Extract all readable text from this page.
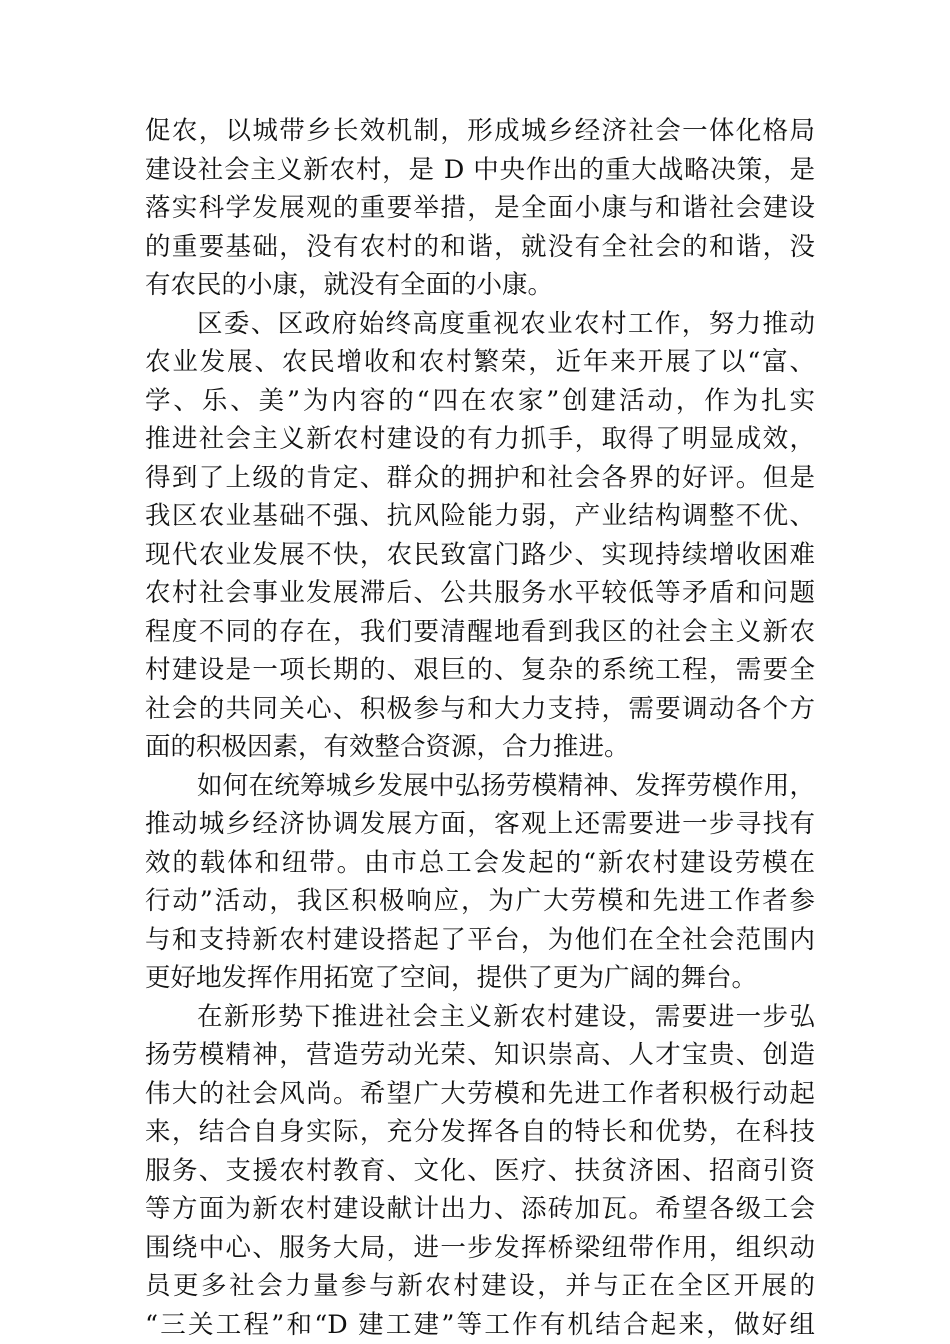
促农，以城带乡长效机制，形成城乡经济社会一体化格局
建设社会主义新农村，是 D 中央作出的重大战略决策，是
落实科学发展观的重要举措，是全面小康与和谐社会建设
的重要基础，没有农村的和谐，就没有全社会的和谐，没
有农民的小康，就没有全面的小康。
区委、区政府始终高度重视农业农村工作，努力推动
农业发展、农民增收和农村繁荣，近年来开展了以“富、
学、乐、美”为内容的“四在农家”创建活动，作为扎实
推进社会主义新农村建设的有力抓手，取得了明显成效，
得到了上级的肯定、群众的拥护和社会各界的好评。但是
我区农业基础不强、抗风险能力弱，产业结构调整不优、
现代农业发展不快，农民致富门路少、实现持续增收困难
农村社会事业发展滞后、公共服务水平较低等矛盾和问题
程度不同的存在，我们要清醒地看到我区的社会主义新农
村建设是一项长期的、艰巨的、复杂的系统工程，需要全
社会的共同关心、积极参与和大力支持，需要调动各个方
面的积极因素，有效整合资源，合力推进。
如何在统筹城乡发展中弘扬劳模精神、发挥劳模作用，
推动城乡经济协调发展方面，客观上还需要进一步寻找有
效的载体和纽带。由市总工会发起的“新农村建设劳模在
行动”活动，我区积极响应，为广大劳模和先进工作者参
与和支持新农村建设搭起了平台，为他们在全社会范围内
更好地发挥作用拓宽了空间，提供了更为广阔的舞台。
在新形势下推进社会主义新农村建设，需要进一步弘
扬劳模精神，营造劳动光荣、知识崇高、人才宝贵、创造
伟大的社会风尚。希望广大劳模和先进工作者积极行动起
来，结合自身实际，充分发挥各自的特长和优势，在科技
服务、支援农村教育、文化、医疗、扶贫济困、招商引资
等方面为新农村建设献计出力、添砖加瓦。希望各级工会
围绕中心、服务大局，进一步发挥桥梁纽带作用，组织动
员更多社会力量参与新农村建设，并与正在全区开展的
“三关工程”和“D 建工建”等工作有机结合起来，做好组
